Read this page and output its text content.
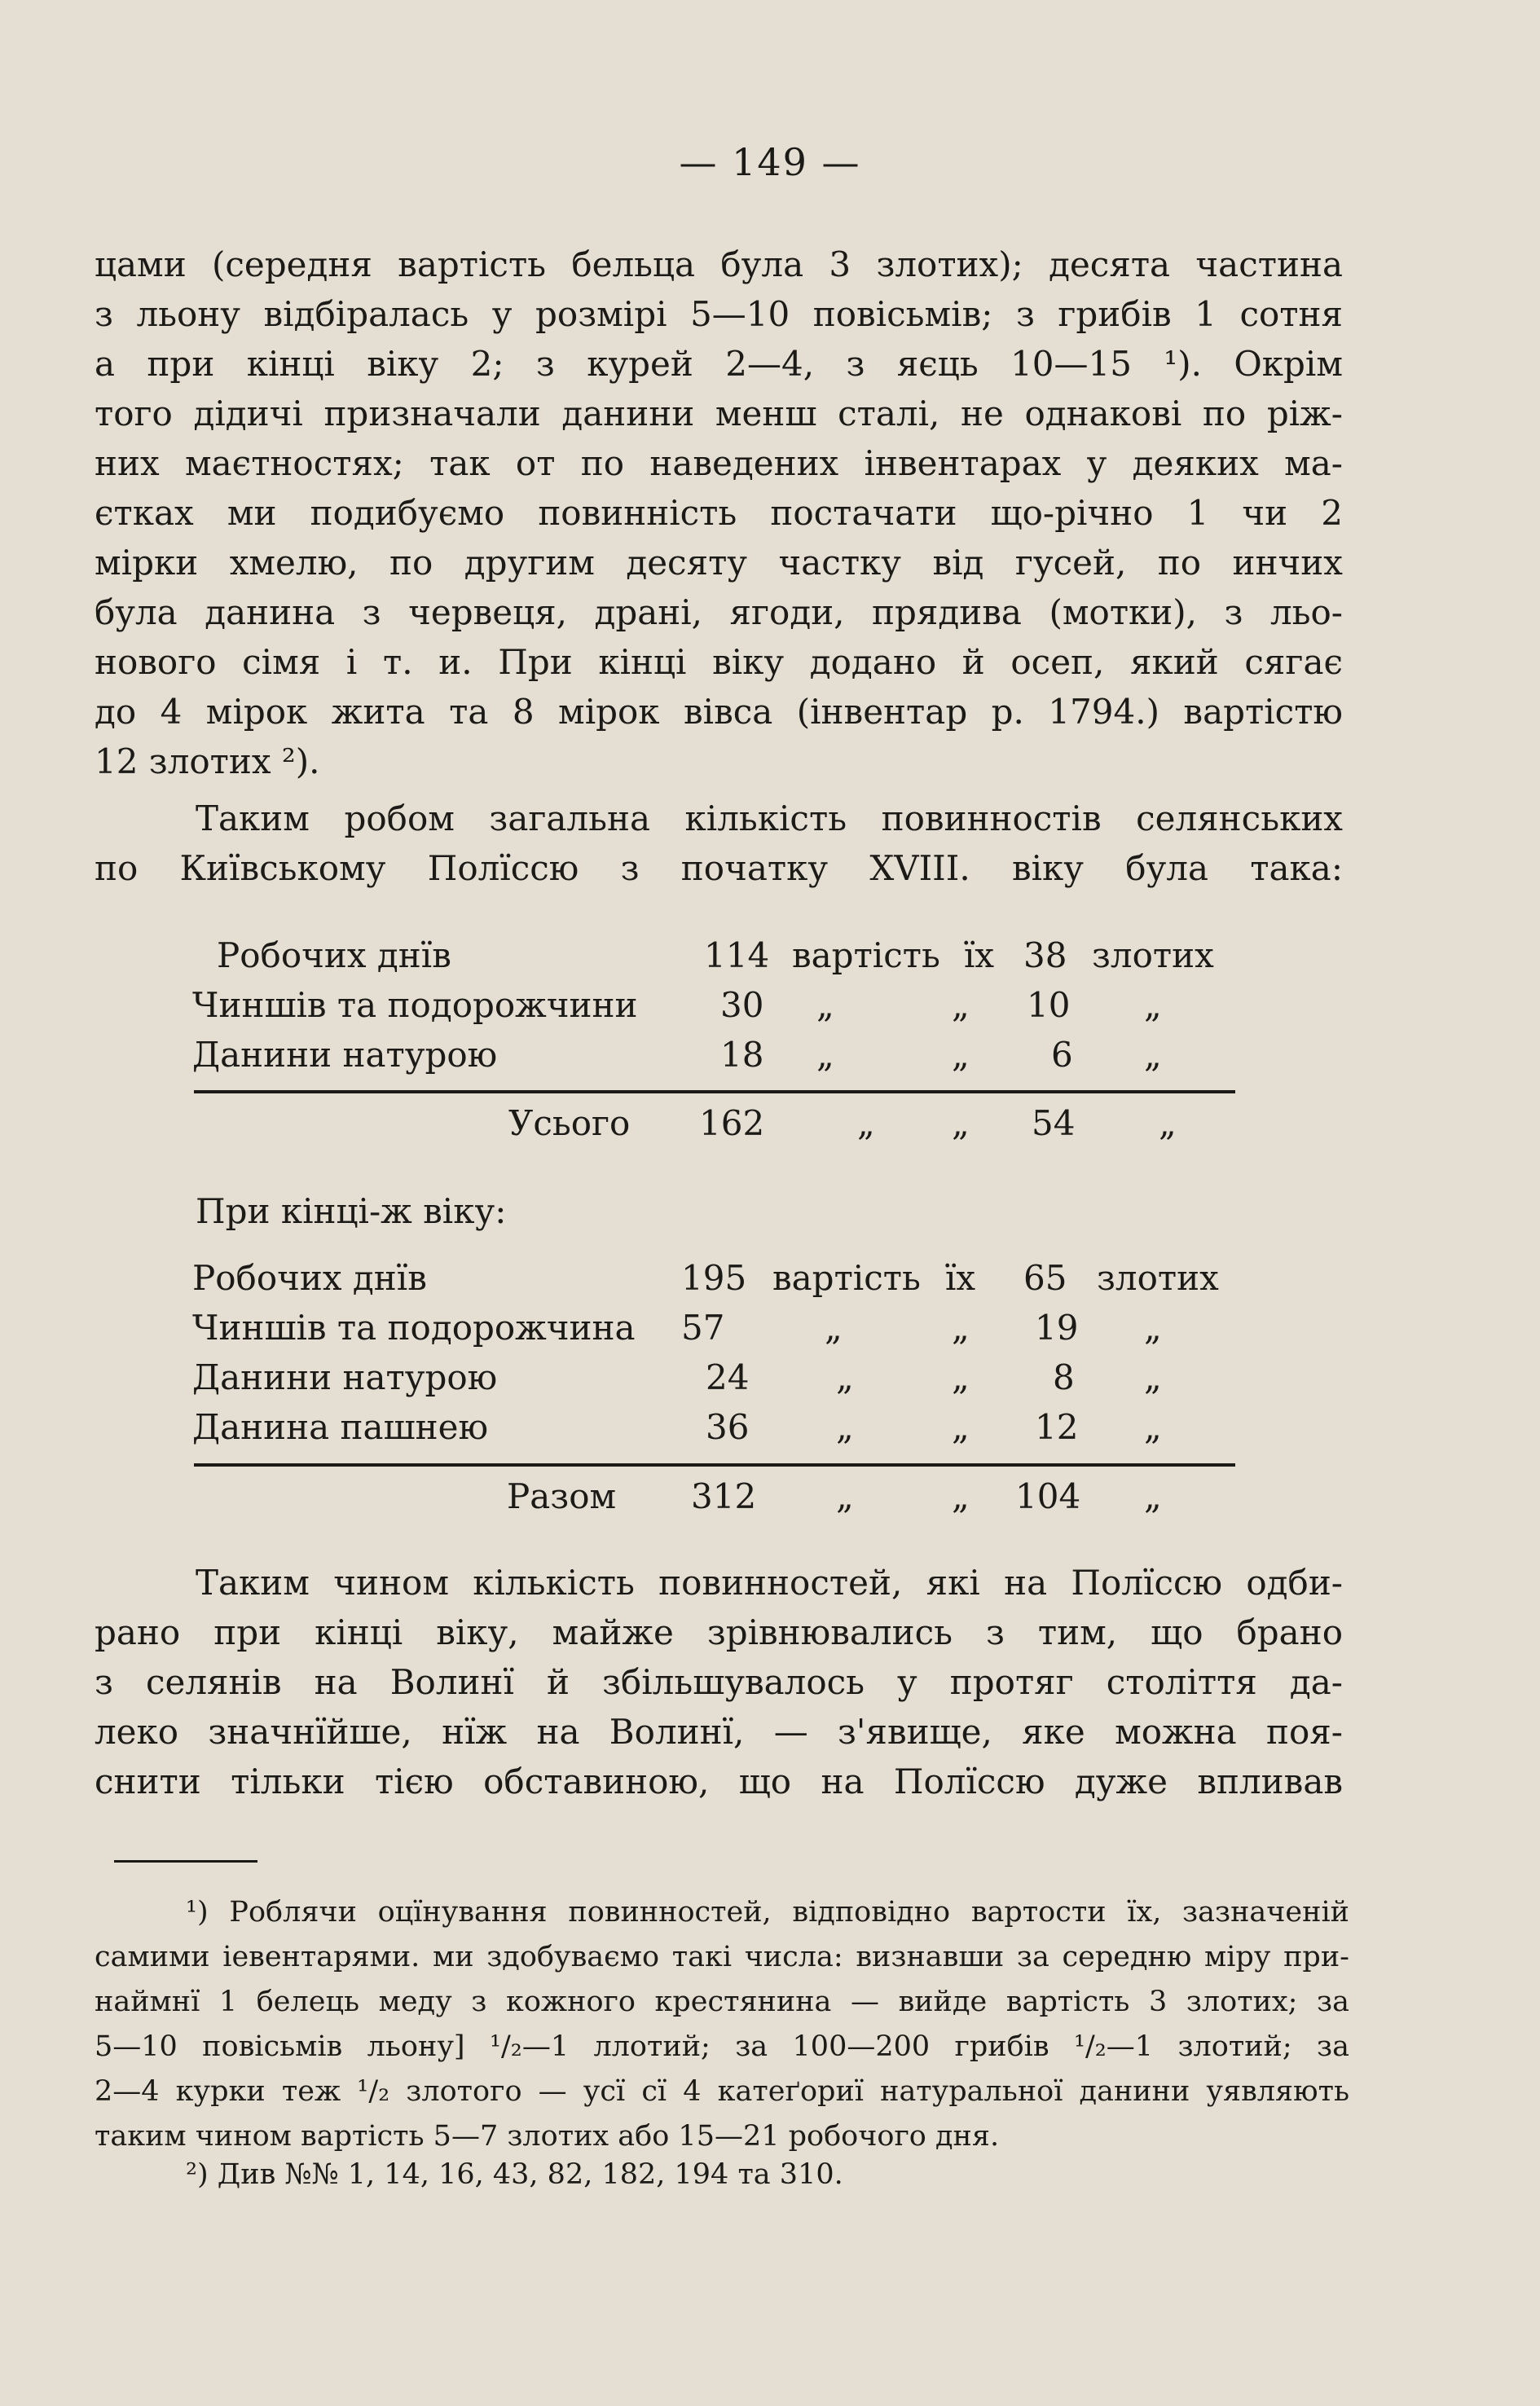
— 149 —
цами (середня вартість бельца була 3 злотих); десята частина
з льону відбіралась у розмірі 5—10 повісьмів; з грибів 1 сотня
а при кінці віку 2; з курей 2—4, з яєць 10—15 ¹). Окрім
того дідичі призначали данини менш сталі, не однакові по ріж-
них маєтностях; так от по наведених інвентарах у деяких ма-
єтках ми подибуємо повинність постачати що-річно 1 чи 2
мірки хмелю, по другим десяту частку від гусей, по инчих
була данина з червеця, драні, ягоди, прядива (мотки), з льо-
нового сімя і т. и. При кінці віку додано й осеп, який сягає
до 4 мірок жита та 8 мірок вівса (інвентар р. 1794.) вартістю
12 злотих ²).
Таким робом загальна кількість повинностів селянських
по Київському Полїссю з початку XVIII. віку була така:
Робочих днїв	114 вартість їх 38 злотих
Чиншів та подорожчини 30 „	„ 10 „
Данини натурою	18 „	„ 6 „
Усього 162	„ „ 54 „
При кінці-ж віку:
Робочих днїв	195 вартість їх 65 злотих
Чиншів та подорожчина 57	„	„ 19 „
Данини натурою	24	„	„ 8 „
Данина пашнею	36	„	„ 12 „
Разом 312 „	„ 104 „
Таким чином кількість повинностей, які на Полїссю одби-
рано при кінці віку, майже зрівнювались з тим, що брано
з селянів на Волинї й збільшувалось у протяг століття да-
леко значнїйше, нїж на Волинї, — з'явище, яке можна поя-
снити тільки тією обставиною, що на Полїссю дуже впливав
¹) Роблячи оцїнування повинностей, відповідно вартости їх, зазначеній
самими іевентарями. ми здобуваємо такі числа: визнавши за середню міру при-
наймнї 1 белець меду з кожного крестянина — вийде вартість 3 злотих; за
5—10 повісьмів льону] ¹/₂—1 ллотий; за 100—200 грибів ¹/₂—1 злотий; за
2—4 курки теж ¹/₂ злотого — усї сї 4 катеґориї натуральної данини уявляють
таким чином вартість 5—7 злотих або 15—21 робочого дня.
²) Див №№ 1, 14, 16, 43, 82, 182, 194 та 310.
